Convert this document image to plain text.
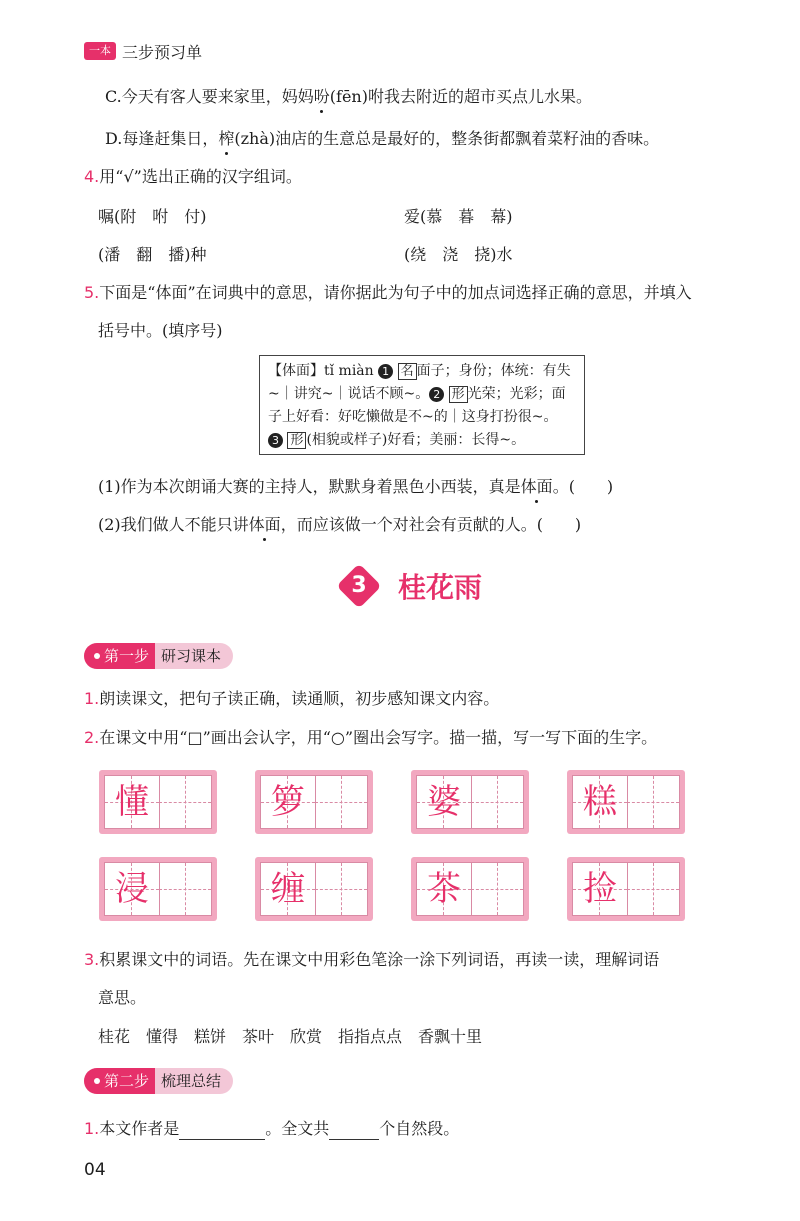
一本 三步预习单
C.今天有客人要来家里，妈妈吩(fēn)咐我去附近的超市买点儿水果。
D.每逢赶集日，榨(zhà)油店的生意总是最好的，整条街都飘着菜籽油的香味。
4.用“√”选出正确的汉字组词。
嘱(附　咐　付)	爱(慕　暮　幕)
(潘　翻　播)种	(绕　浇　挠)水
5.下面是“体面”在词典中的意思，请你据此为句子中的加点词选择正确的意思，并填入
括号中。(填序号)
【体面】tǐ miàn 1 名 面子；身份；体统：有失
~｜讲究~｜说话不顾~。 2 形 光荣；光彩；面
子上好看：好吃懒做是不~的｜这身打扮很~。
3 形 (相貌或样子)好看；美丽：长得~。
(1)作为本次朗诵大赛的主持人，默默身着黑色小西装，真是体面。(　　)
(2)我们做人不能只讲体面，而应该做一个对社会有贡献的人。(　　)
3	桂花雨
第一步 研习课本
1.朗读课文，把句子读正确，读通顺，初步感知课文内容。
2.在课文中用“□”画出会认字，用“○”圈出会写字。描一描，写一写下面的生字。
懂	箩	婆	糕
浸	缠	茶	捡
3.积累课文中的词语。先在课文中用彩色笔涂一涂下列词语，再读一读，理解词语
意思。
桂花　懂得　糕饼　茶叶　欣赏　指指点点　香飘十里
第二步 梳理总结
1.本文作者是	。全文共	个自然段。
04
